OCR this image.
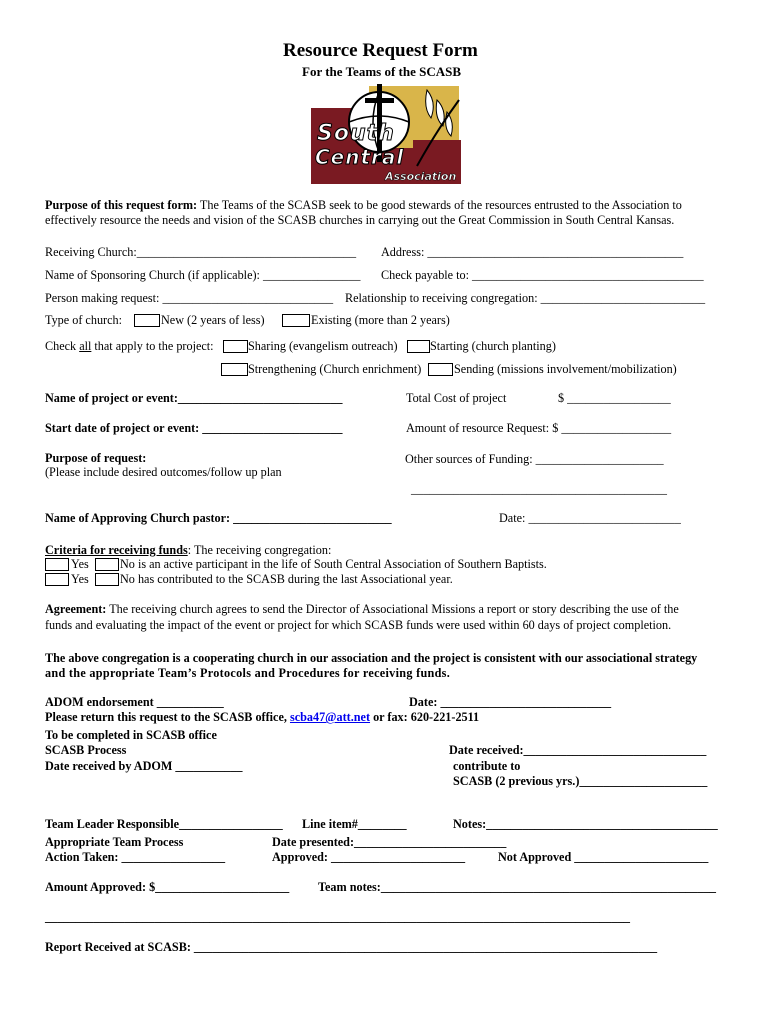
Resource Request Form
For the Teams of the SCASB
South
Central
Association
Purpose of this request form: The Teams of the SCASB seek to be good stewards of the resources entrusted to the Association to
effectively resource the needs and vision of the SCASB churches in carrying out the Great Commission in South Central Kansas.
Receiving Church:____________________________________ Address: __________________________________________
Name of Sponsoring Church (if applicable): ________________ Check payable to: ______________________________________
Person making request: ____________________________ Relationship to receiving congregation: ___________________________
Type of church:	New (2 years of less)	Existing (more than 2 years)
Check all that apply to the project:	Sharing (evangelism outreach)	Starting (church planting)
Strengthening (Church enrichment)	Sending (missions involvement/mobilization)
Name of project or event:___________________________	Total Cost of project	$ _________________
Start date of project or event: _______________________	Amount of resource Request: $ __________________
Purpose of request:
(Please include desired outcomes/follow up plan
Other sources of Funding: _____________________
__________________________________________
Name of Approving Church pastor: __________________________	Date: _________________________
Criteria for receiving funds: The receiving congregation:
Yes	No is an active participant in the life of South Central Association of Southern Baptists.
Yes	No has contributed to the SCASB during the last Associational year.
Agreement: The receiving church agrees to send the Director of Associational Missions a report or story describing the use of the
funds and evaluating the impact of the event or project for which SCASB funds were used within 60 days of project completion.
The above congregation is a cooperating church in our association and the project is consistent with our associational strategy
and the appropriate Team’s Protocols and Procedures for receiving funds.
ADOM endorsement ___________	Date: ____________________________
Please return this request to the SCASB office, scba47@att.net or fax: 620-221-2511
To be completed in SCASB office
SCASB Process	Date received:______________________________
Date received by ADOM ___________	contribute to
SCASB (2 previous yrs.)_____________________
Team Leader Responsible_________________ Line item#________	Notes:______________________________________
Appropriate Team Process	Date presented:_________________________
Action Taken: _________________	Approved: ______________________	Not Approved ______________________
Amount Approved: $______________________ Team notes:_______________________________________________________
________________________________________________________________________________________________
Report Received at SCASB: ____________________________________________________________________________
